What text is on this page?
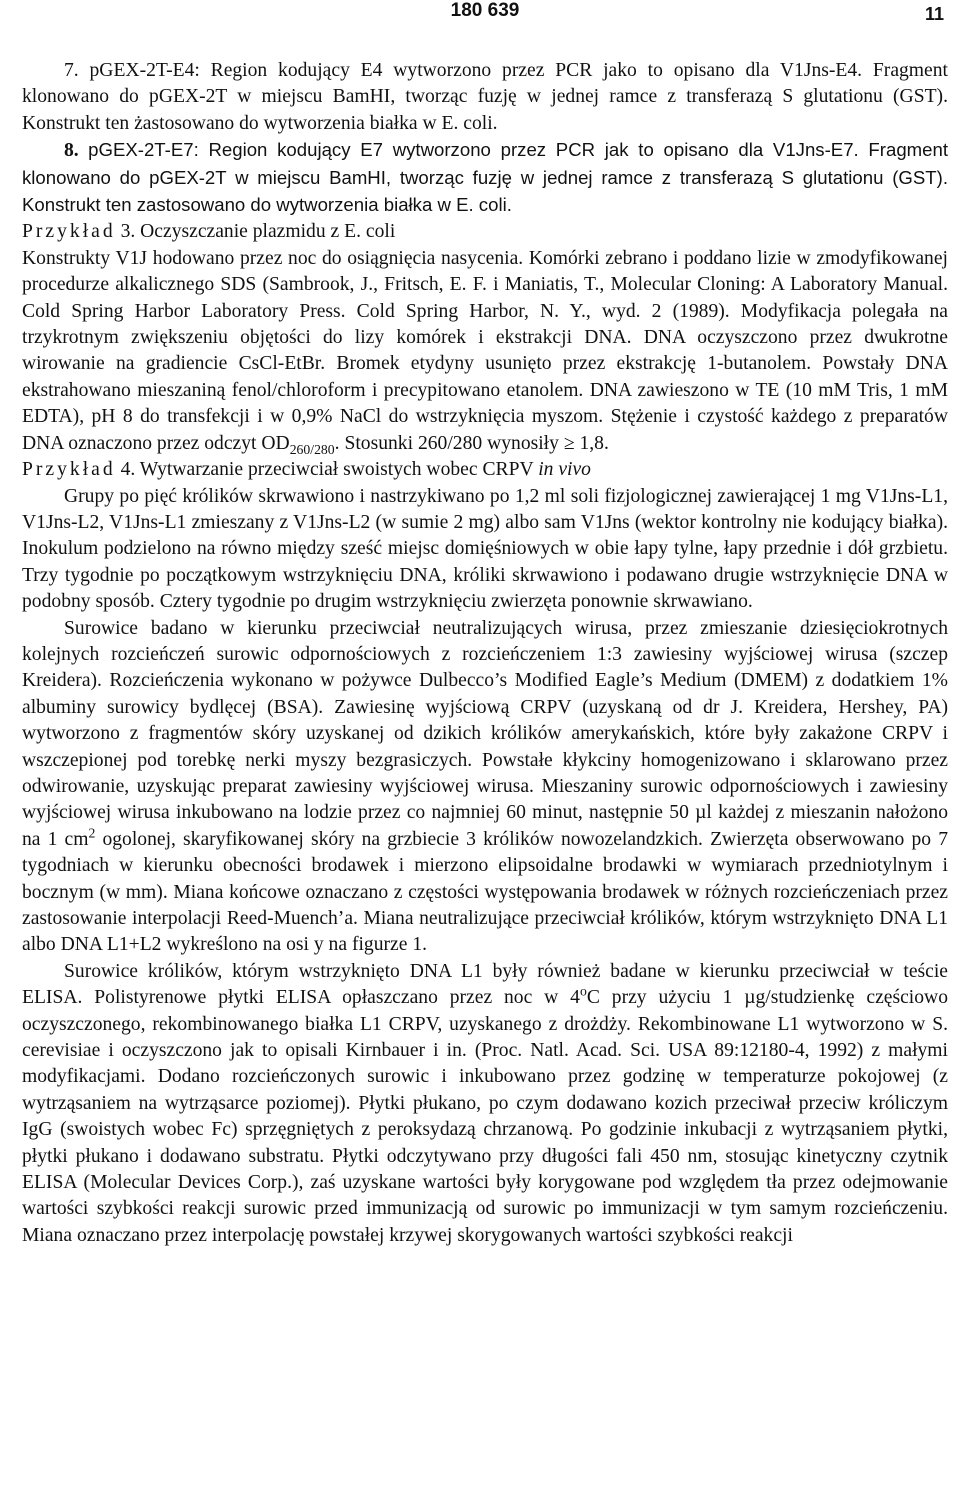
180 639	11

7. pGEX-2T-E4: Region kodujący E4 wytworzono przez PCR jako to opisano dla V1Jns-E4. Fragment klonowano do pGEX-2T w miejscu BamHI, tworząc fuzję w jednej ramce z transferazą S glutationu (GST). Konstrukt ten żastosowano do wytworzenia białka w E. coli.

8. pGEX-2T-E7: Region kodujący E7 wytworzono przez PCR jak to opisano dla V1Jns-E7. Fragment klonowano do pGEX-2T w miejscu BamHI, tworząc fuzję w jednej ramce z transferazą S glutationu (GST). Konstrukt ten zastosowano do wytworzenia białka w E. coli.

Przykład 3. Oczyszczanie plazmidu z E. coli

Konstrukty V1J hodowano przez noc do osiągnięcia nasycenia. Komórki zebrano i poddano lizie w zmodyfikowanej procedurze alkalicznego SDS (Sambrook, J., Fritsch, E. F. i Maniatis, T., Molecular Cloning: A Laboratory Manual. Cold Spring Harbor Laboratory Press. Cold Spring Harbor, N. Y., wyd. 2 (1989). Modyfikacja polegała na trzykrotnym zwiększeniu objętości do lizy komórek i ekstrakcji DNA. DNA oczyszczono przez dwukrotne wirowanie na gradiencie CsCl-EtBr. Bromek etydyny usunięto przez ekstrakcję 1-butanolem. Powstały DNA ekstrahowano mieszaniną fenol/chloroform i precypitowano etanolem. DNA zawieszono w TE (10 mM Tris, 1 mM EDTA), pH 8 do transfekcji i w 0,9% NaCl do wstrzyknięcia myszom. Stężenie i czystość każdego z preparatów DNA oznaczono przez odczyt $OD_{260/280}$. Stosunki 260/280 wynosiły ≥ 1,8.

Przykład 4. Wytwarzanie przeciwciał swoistych wobec CRPV in vivo

Grupy po pięć królików skrwawiono i nastrzykiwano po 1,2 ml soli fizjologicznej zawierającej 1 mg V1Jns-L1, V1Jns-L2, V1Jns-L1 zmieszany z V1Jns-L2 (w sumie 2 mg) albo sam V1Jns (wektor kontrolny nie kodujący białka). Inokulum podzielono na równo między sześć miejsc domięśniowych w obie łapy tylne, łapy przednie i dół grzbietu. Trzy tygodnie po początkowym wstrzyknięciu DNA, króliki skrwawiono i podawano drugie wstrzyknięcie DNA w podobny sposób. Cztery tygodnie po drugim wstrzyknięciu zwierzęta ponownie skrwawiano.

Surowice badano w kierunku przeciwciał neutralizujących wirusa, przez zmieszanie dziesięciokrotnych kolejnych rozcieńczeń surowic odpornościowych z rozcieńczeniem 1:3 zawiesiny wyjściowej wirusa (szczep Kreidera). Rozcieńczenia wykonano w pożywce Dulbecco’s Modified Eagle’s Medium (DMEM) z dodatkiem 1% albuminy surowicy bydlęcej (BSA). Zawiesinę wyjściową CRPV (uzyskaną od dr J. Kreidera, Hershey, PA) wytworzono z fragmentów skóry uzyskanej od dzikich królików amerykańskich, które były zakażone CRPV i wszczepionej pod torebkę nerki myszy bezgrasiczych. Powstałe kłykciny homogenizowano i sklarowano przez odwirowanie, uzyskując preparat zawiesiny wyjściowej wirusa. Mieszaniny surowic odpornościowych i zawiesiny wyjściowej wirusa inkubowano na lodzie przez co najmniej 60 minut, następnie 50 µl każdej z mieszanin nałożono na 1 $cm^2$ ogolonej, skaryfikowanej skóry na grzbiecie 3 królików nowozelandzkich. Zwierzęta obserwowano po 7 tygodniach w kierunku obecności brodawek i mierzono elipsoidalne brodawki w wymiarach przedniotylnym i bocznym (w mm). Miana końcowe oznaczano z częstości występowania brodawek w różnych rozcieńczeniach przez zastosowanie interpolacji Reed-Muench’a. Miana neutralizujące przeciwciał królików, którym wstrzyknięto DNA L1 albo DNA L1+L2 wykreślono na osi y na figurze 1.

Surowice królików, którym wstrzyknięto DNA L1 były również badane w kierunku przeciwciał w teście ELISA. Polistyrenowe płytki ELISA opłaszczano przez noc w 4$^o$C przy użyciu 1 µg/studzienkę częściowo oczyszczonego, rekombinowanego białka L1 CRPV, uzyskanego z drożdży. Rekombinowane L1 wytworzono w S. cerevisiae i oczyszczono jak to opisali Kirnbauer i in. (Proc. Natl. Acad. Sci. USA 89:12180-4, 1992) z małymi modyfikacjami. Dodano rozcieńczonych surowic i inkubowano przez godzinę w temperaturze pokojowej (z wytrząsaniem na wytrząsarce poziomej). Płytki płukano, po czym dodawano kozich przeciwał przeciw króliczym IgG (swoistych wobec Fc) sprzęgniętych z peroksydazą chrzanową. Po godzinie inkubacji z wytrząsaniem płytki, płytki płukano i dodawano substratu. Płytki odczytywano przy długości fali 450 nm, stosując kinetyczny czytnik ELISA (Molecular Devices Corp.), zaś uzyskane wartości były korygowane pod względem tła przez odejmowanie wartości szybkości reakcji surowic przed immunizacją od surowic po immunizacji w tym samym rozcieńczeniu. Miana oznaczano przez interpolację powstałej krzywej skorygowanych wartości szybkości reakcji
